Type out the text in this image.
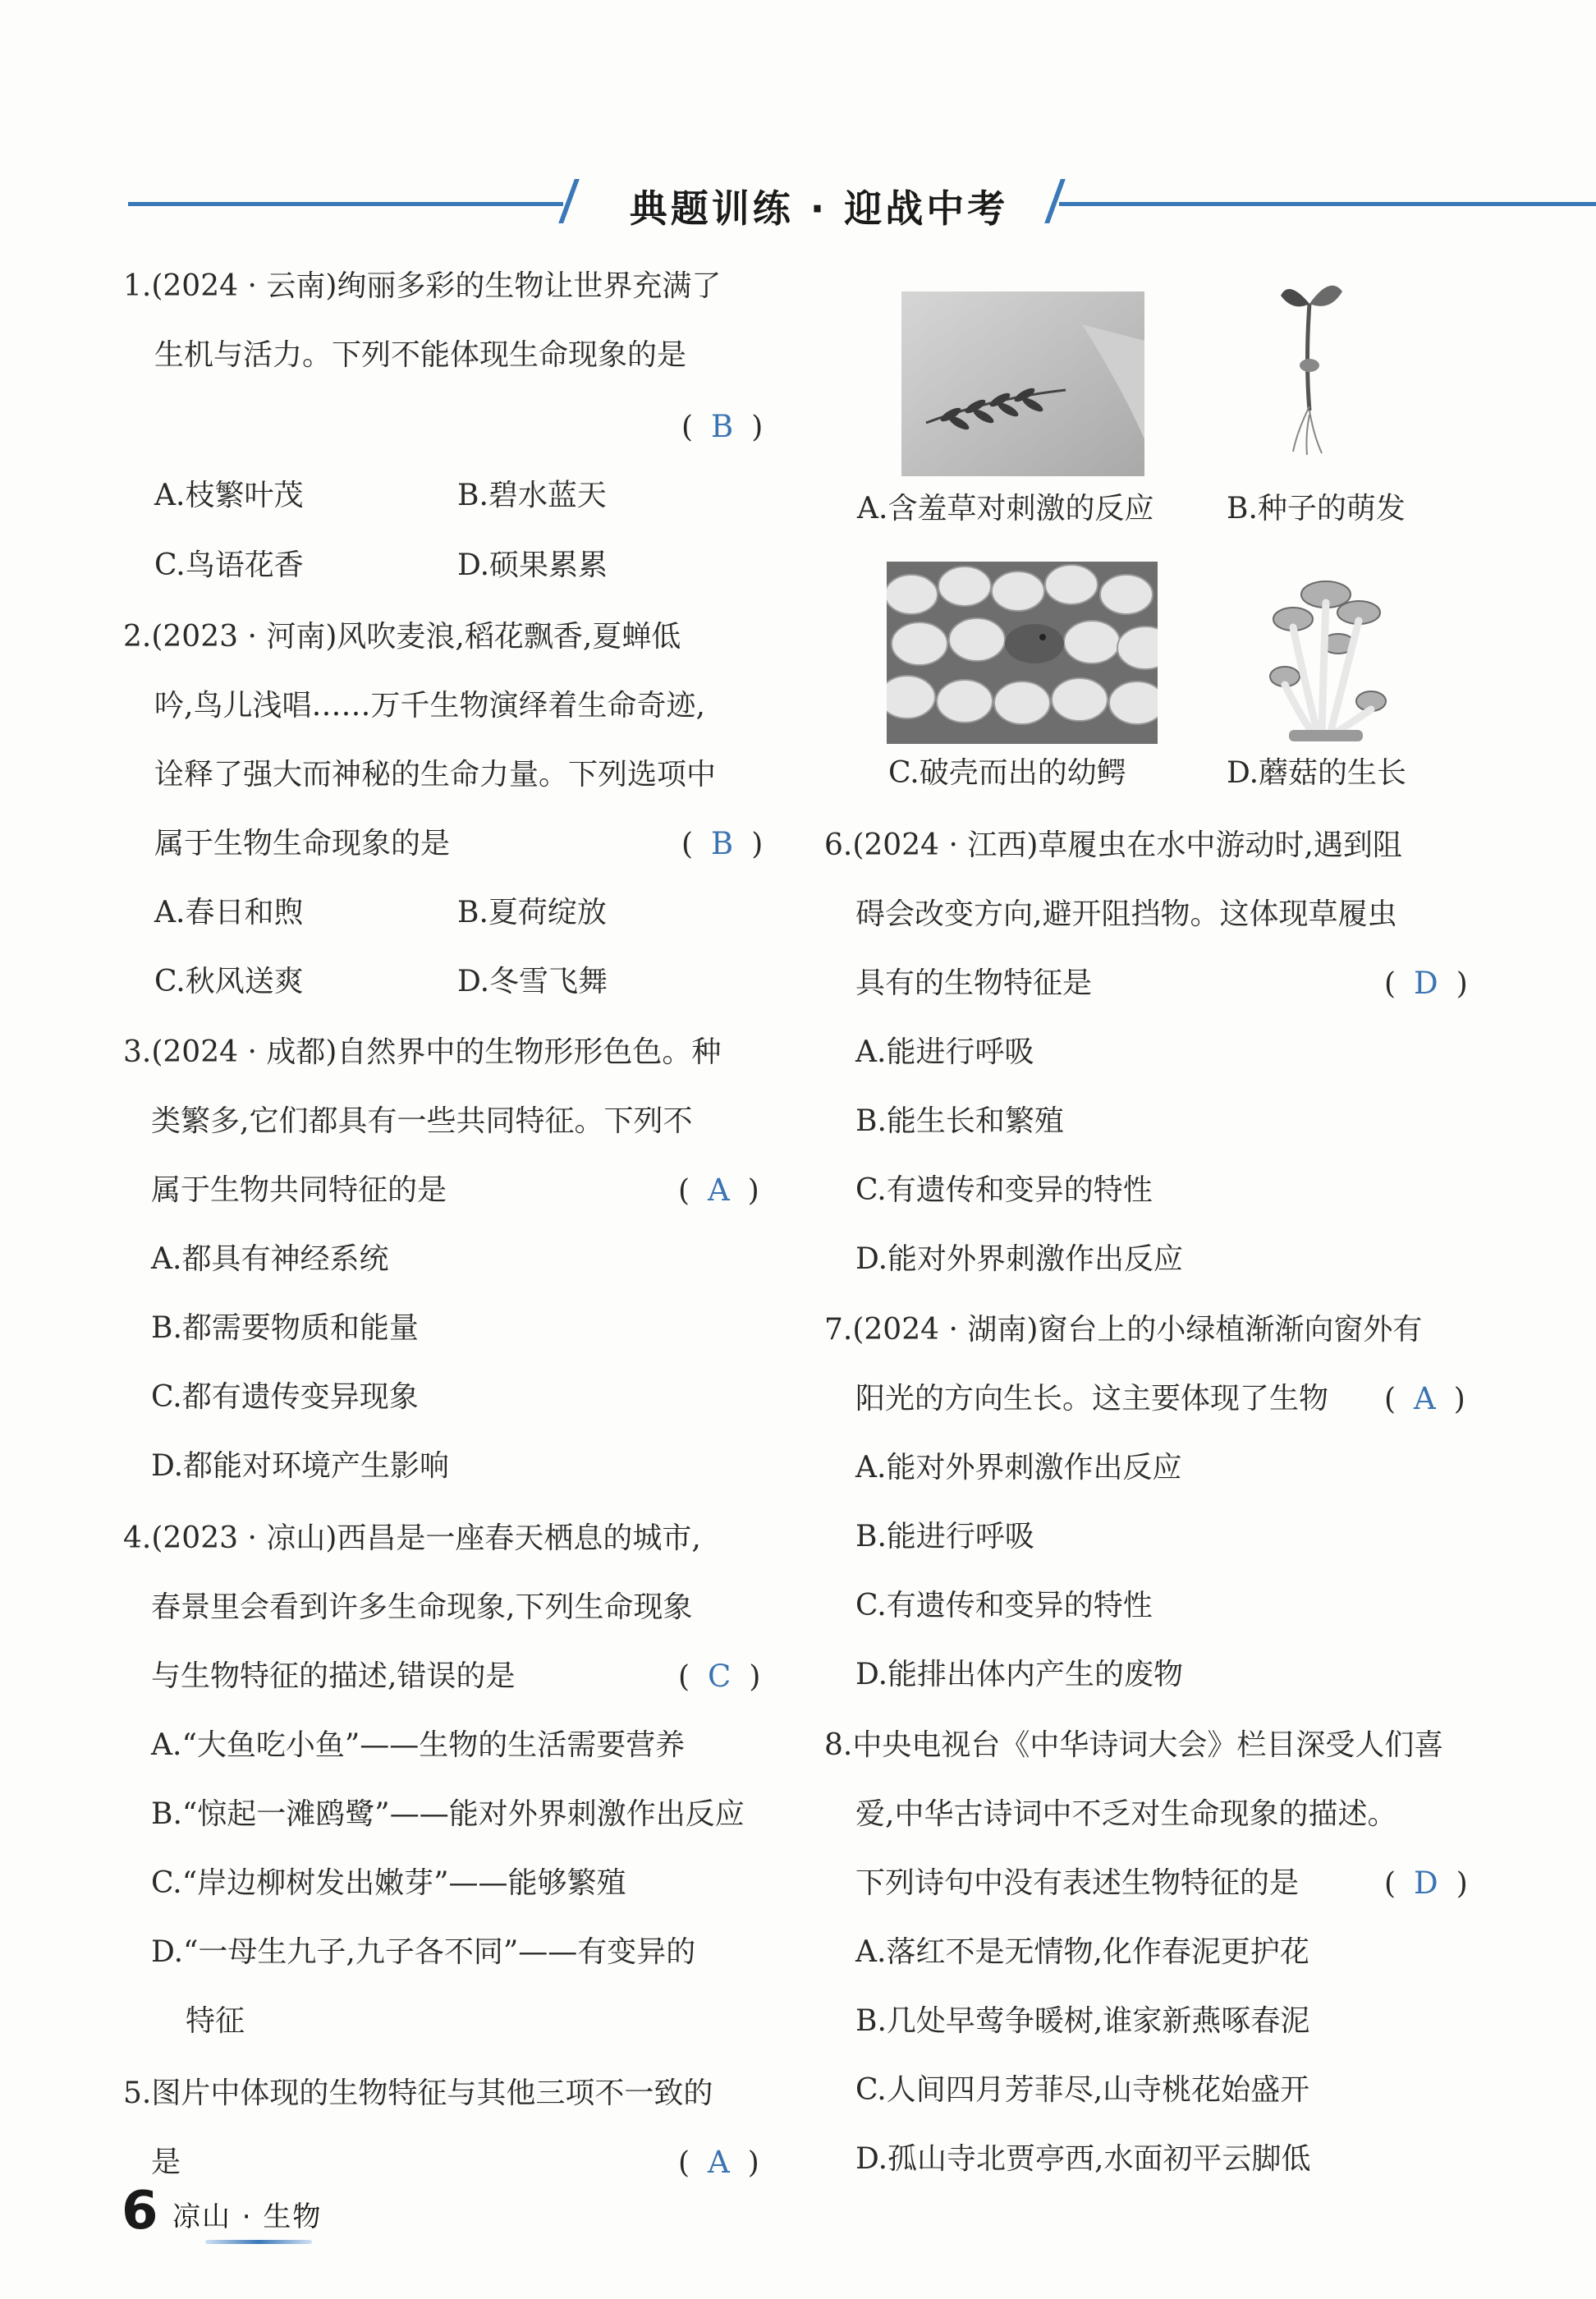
典题训练 · 迎战中考
1.(2024 · 云南)绚丽多彩的生物让世界充满了
生机与活力。下列不能体现生命现象的是
( B )
A.枝繁叶茂	B.碧水蓝天
C.鸟语花香	D.硕果累累
2.(2023 · 河南)风吹麦浪,稻花飘香,夏蝉低
吟,鸟儿浅唱……万千生物演绎着生命奇迹,
诠释了强大而神秘的生命力量。下列选项中
属于生物生命现象的是	( B )
A.春日和煦	B.夏荷绽放
C.秋风送爽	D.冬雪飞舞
3.(2024 · 成都)自然界中的生物形形色色。种
类繁多,它们都具有一些共同特征。下列不
属于生物共同特征的是	( A )
A.都具有神经系统
B.都需要物质和能量
C.都有遗传变异现象
D.都能对环境产生影响
4.(2023 · 凉山)西昌是一座春天栖息的城市,
春景里会看到许多生命现象,下列生命现象
与生物特征的描述,错误的是	( C )
A.“大鱼吃小鱼”——生物的生活需要营养
B.“惊起一滩鸥鹭”——能对外界刺激作出反应
C.“岸边柳树发出嫩芽”——能够繁殖
D.“一母生九子,九子各不同”——有变异的
特征
5.图片中体现的生物特征与其他三项不一致的
是	( A )
A.含羞草对刺激的反应 B.种子的萌发
C.破壳而出的幼鳄	D.蘑菇的生长
6.(2024 · 江西)草履虫在水中游动时,遇到阻
碍会改变方向,避开阻挡物。这体现草履虫
具有的生物特征是	( D )
A.能进行呼吸
B.能生长和繁殖
C.有遗传和变异的特性
D.能对外界刺激作出反应
7.(2024 · 湖南)窗台上的小绿植渐渐向窗外有
阳光的方向生长。这主要体现了生物 ( A )
A.能对外界刺激作出反应
B.能进行呼吸
C.有遗传和变异的特性
D.能排出体内产生的废物
8.中央电视台《中华诗词大会》栏目深受人们喜
爱,中华古诗词中不乏对生命现象的描述。
下列诗句中没有表述生物特征的是	( D )
A.落红不是无情物,化作春泥更护花
B.几处早莺争暖树,谁家新燕啄春泥
C.人间四月芳菲尽,山寺桃花始盛开
D.孤山寺北贾亭西,水面初平云脚低
6 凉山 · 生物
